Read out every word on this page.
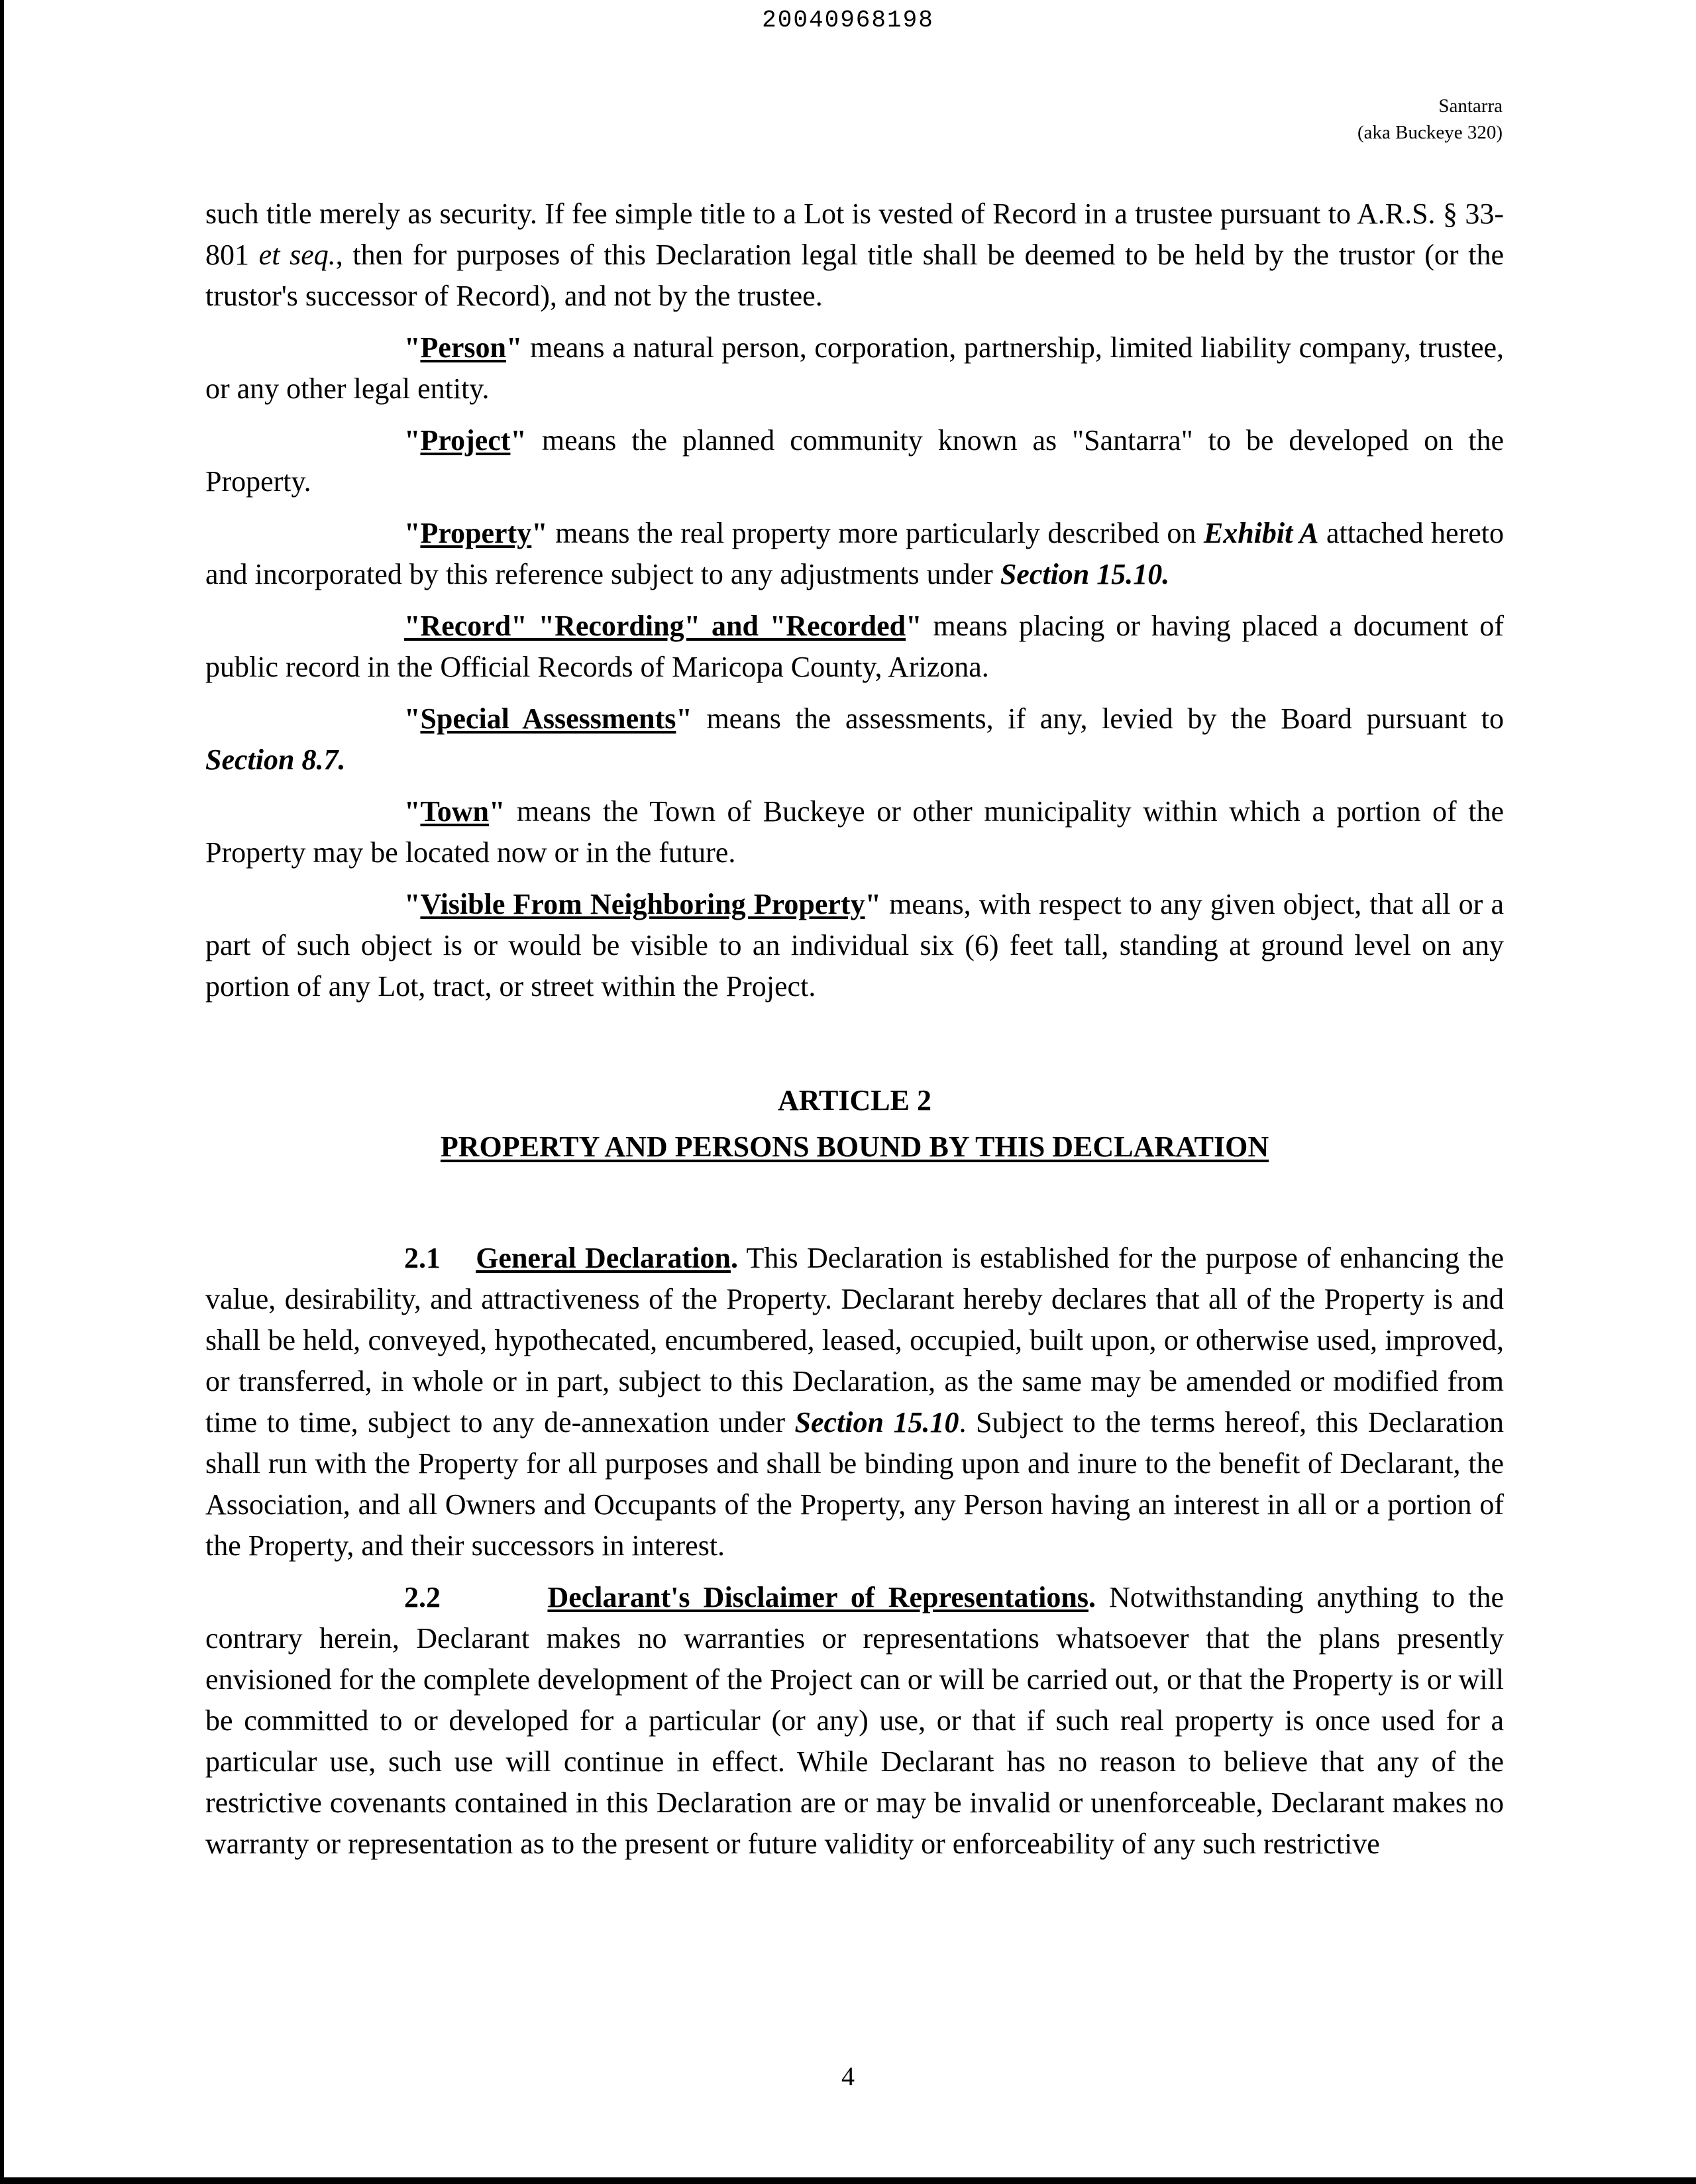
20040968198
Santarra
(aka Buckeye 320)

such title merely as security. If fee simple title to a Lot is vested of Record in a trustee pursuant to A.R.S. § 33-801 et seq., then for purposes of this Declaration legal title shall be deemed to be held by the trustor (or the trustor's successor of Record), and not by the trustee.

"Person" means a natural person, corporation, partnership, limited liability company, trustee, or any other legal entity.

"Project" means the planned community known as "Santarra" to be developed on the Property.

"Property" means the real property more particularly described on Exhibit A attached hereto and incorporated by this reference subject to any adjustments under Section 15.10.

"Record" "Recording" and "Recorded" means placing or having placed a document of public record in the Official Records of Maricopa County, Arizona.

"Special Assessments" means the assessments, if any, levied by the Board pursuant to Section 8.7.

"Town" means the Town of Buckeye or other municipality within which a portion of the Property may be located now or in the future.

"Visible From Neighboring Property" means, with respect to any given object, that all or a part of such object is or would be visible to an individual six (6) feet tall, standing at ground level on any portion of any Lot, tract, or street within the Project.

ARTICLE 2

PROPERTY AND PERSONS BOUND BY THIS DECLARATION

2.1 General Declaration. This Declaration is established for the purpose of enhancing the value, desirability, and attractiveness of the Property. Declarant hereby declares that all of the Property is and shall be held, conveyed, hypothecated, encumbered, leased, occupied, built upon, or otherwise used, improved, or transferred, in whole or in part, subject to this Declaration, as the same may be amended or modified from time to time, subject to any de-annexation under Section 15.10. Subject to the terms hereof, this Declaration shall run with the Property for all purposes and shall be binding upon and inure to the benefit of Declarant, the Association, and all Owners and Occupants of the Property, any Person having an interest in all or a portion of the Property, and their successors in interest.

2.2	Declarant's Disclaimer of Representations. Notwithstanding anything to the contrary herein, Declarant makes no warranties or representations whatsoever that the plans presently envisioned for the complete development of the Project can or will be carried out, or that the Property is or will be committed to or developed for a particular (or any) use, or that if such real property is once used for a particular use, such use will continue in effect. While Declarant has no reason to believe that any of the restrictive covenants contained in this Declaration are or may be invalid or unenforceable, Declarant makes no warranty or representation as to the present or future validity or enforceability of any such restrictive

4
